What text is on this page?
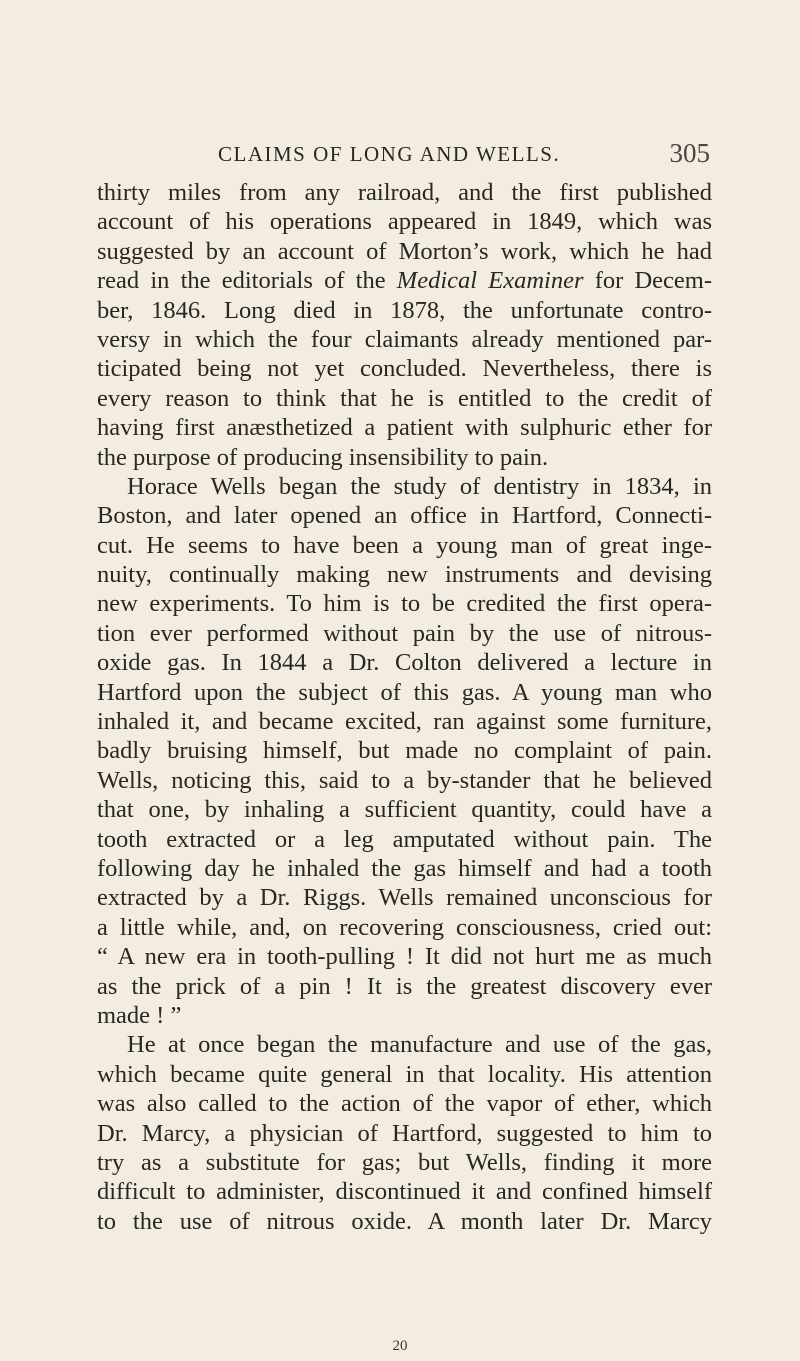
CLAIMS OF LONG AND WELLS.	305
thirty miles from any railroad, and the first published
account of his operations appeared in 1849, which was
suggested by an account of Morton’s work, which he had
read in the editorials of the Medical Examiner for Decem-
ber, 1846. Long died in 1878, the unfortunate contro-
versy in which the four claimants already mentioned par-
ticipated being not yet concluded. Nevertheless, there is
every reason to think that he is entitled to the credit of
having first anæsthetized a patient with sulphuric ether for
the purpose of producing insensibility to pain.
Horace Wells began the study of dentistry in 1834, in
Boston, and later opened an office in Hartford, Connecti-
cut. He seems to have been a young man of great inge-
nuity, continually making new instruments and devising
new experiments. To him is to be credited the first opera-
tion ever performed without pain by the use of nitrous-
oxide gas. In 1844 a Dr. Colton delivered a lecture in
Hartford upon the subject of this gas. A young man who
inhaled it, and became excited, ran against some furniture,
badly bruising himself, but made no complaint of pain.
Wells, noticing this, said to a by-stander that he believed
that one, by inhaling a sufficient quantity, could have a
tooth extracted or a leg amputated without pain. The
following day he inhaled the gas himself and had a tooth
extracted by a Dr. Riggs. Wells remained unconscious for
a little while, and, on recovering consciousness, cried out:
“ A new era in tooth-pulling ! It did not hurt me as much
as the prick of a pin ! It is the greatest discovery ever
made ! ”
He at once began the manufacture and use of the gas,
which became quite general in that locality. His attention
was also called to the action of the vapor of ether, which
Dr. Marcy, a physician of Hartford, suggested to him to
try as a substitute for gas; but Wells, finding it more
difficult to administer, discontinued it and confined himself
to the use of nitrous oxide. A month later Dr. Marcy
20
